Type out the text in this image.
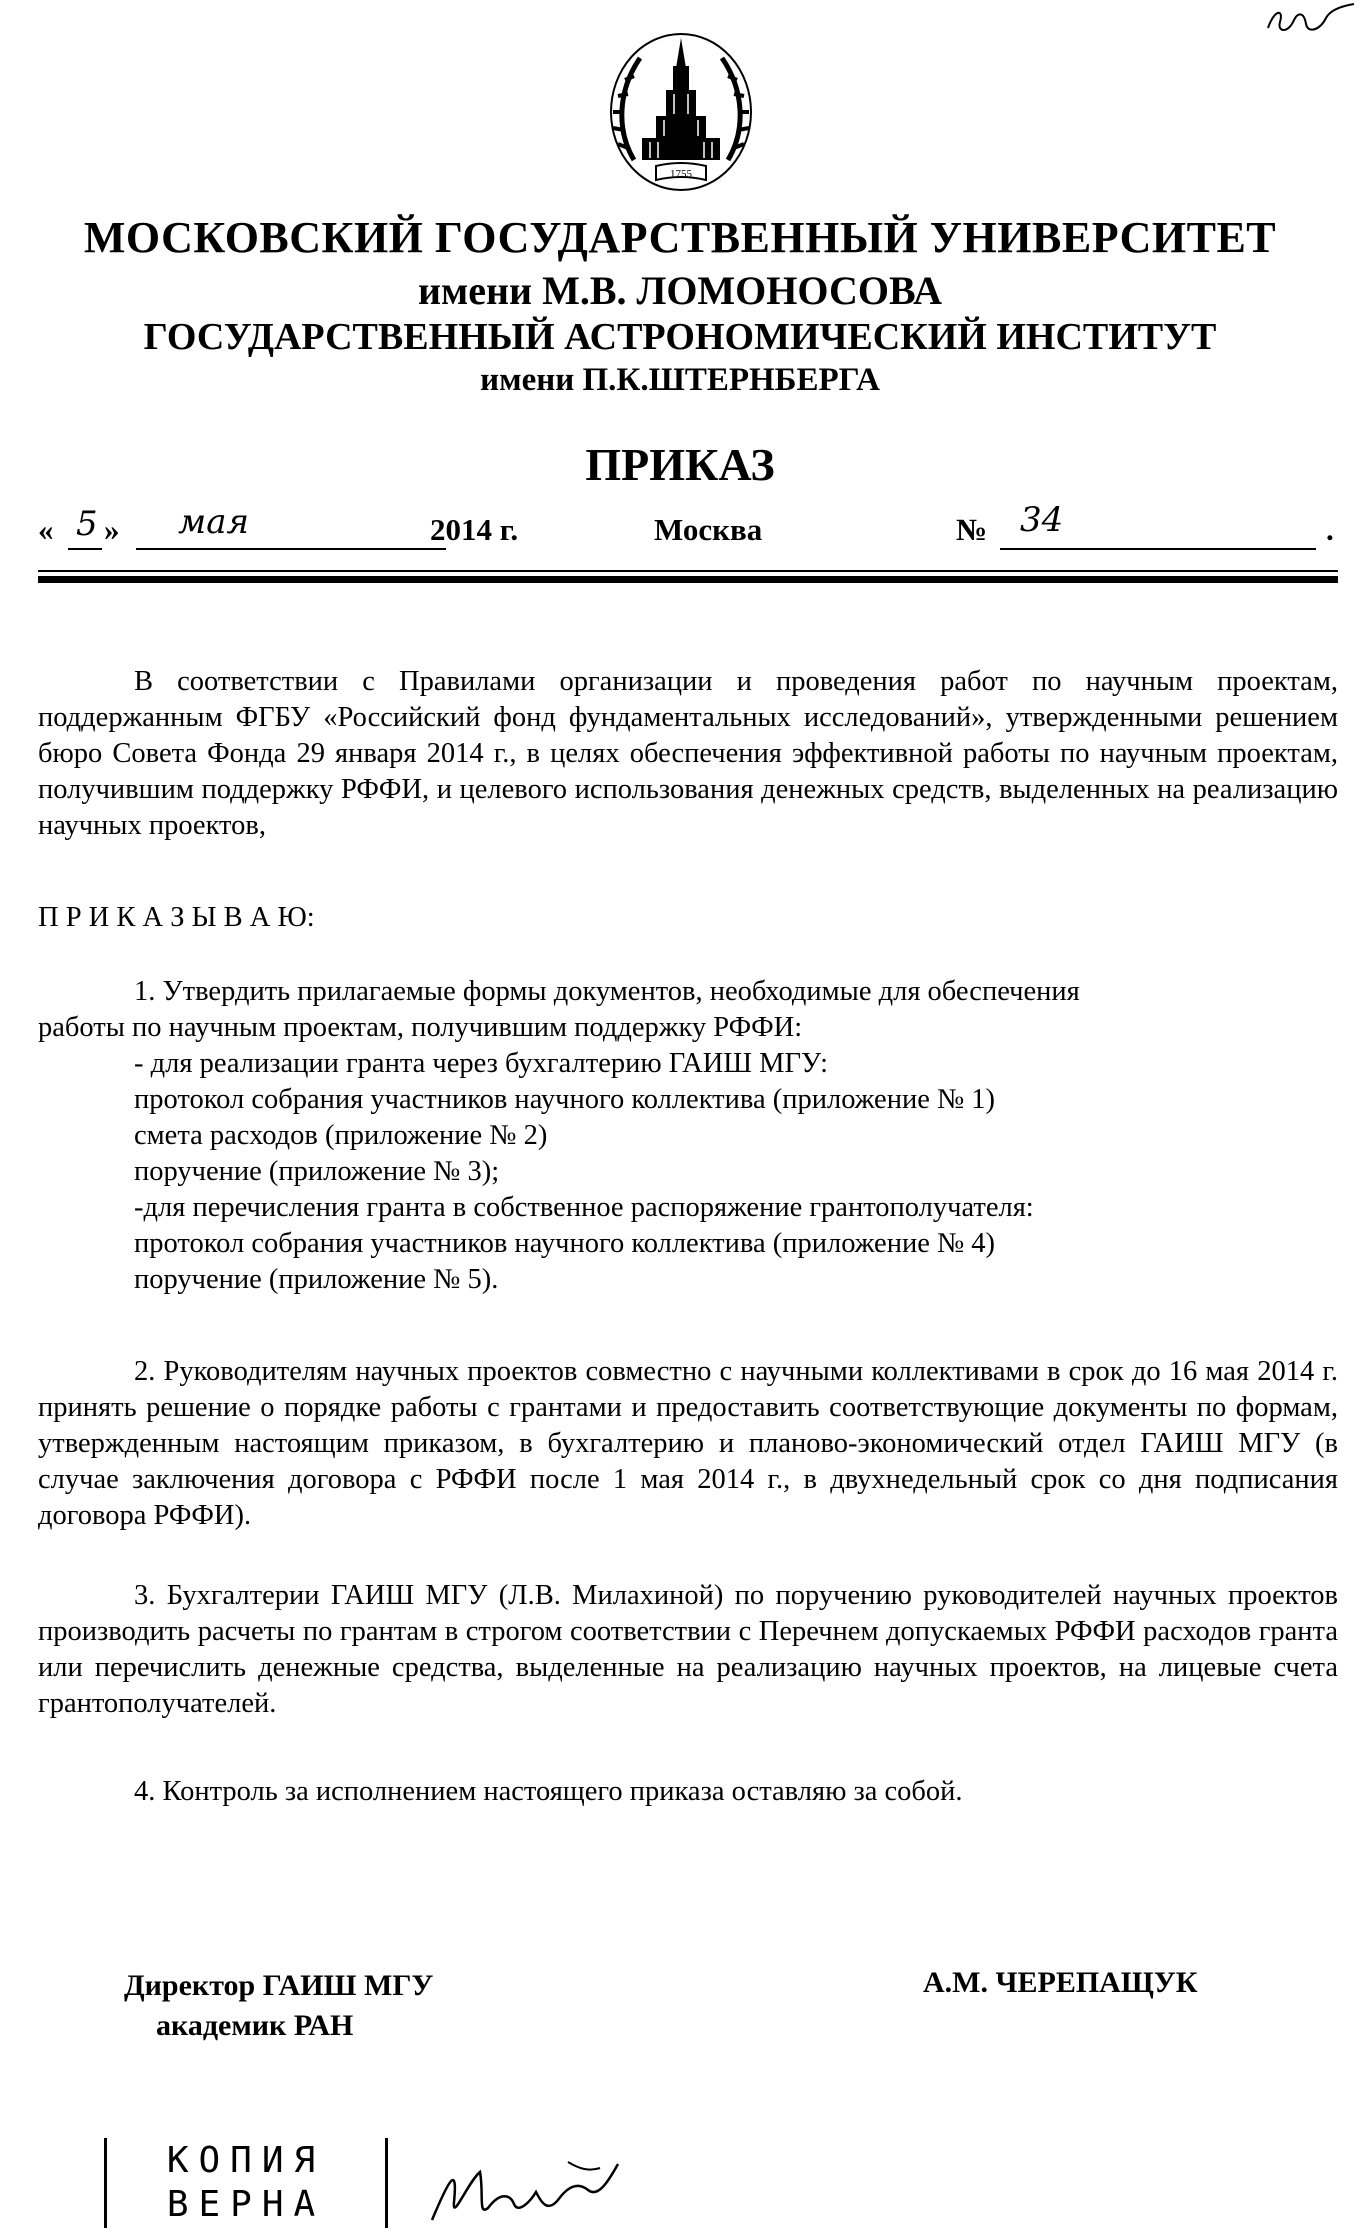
1755
МОСКОВСКИЙ ГОСУДАРСТВЕННЫЙ УНИВЕРСИТЕТ
имени М.В. ЛОМОНОСОВА
ГОСУДАРСТВЕННЫЙ АСТРОНОМИЧЕСКИЙ ИНСТИТУТ
имени П.К.ШТЕРНБЕРГА
ПРИКАЗ
« 5 » мая	2014 г.	Москва	№ 34	.
В соответствии с Правилами организации и проведения работ по научным проектам, поддержанным ФГБУ «Российский фонд фундаментальных исследований», утвержденными решением бюро Совета Фонда 29 января 2014 г., в целях обеспечения эффективной работы по научным проектам, получившим поддержку РФФИ, и целевого использования денежных средств, выделенных на реализацию научных проектов,
П Р И К А З Ы В А Ю:
1. Утвердить прилагаемые формы документов, необходимые для обеспечения
работы по научным проектам, получившим поддержку РФФИ:
- для реализации гранта через бухгалтерию ГАИШ МГУ:
протокол собрания участников научного коллектива (приложение № 1)
смета расходов (приложение № 2)
поручение (приложение № 3);
-для перечисления гранта в собственное распоряжение грантополучателя:
протокол собрания участников научного коллектива (приложение № 4)
поручение (приложение № 5).
2. Руководителям научных проектов совместно с научными коллективами в срок до 16 мая 2014 г. принять решение о порядке работы с грантами и предоставить соответствующие документы по формам, утвержденным настоящим приказом, в бухгалтерию и планово-экономический отдел ГАИШ МГУ (в случае заключения договора с РФФИ после 1 мая 2014 г., в двухнедельный срок со дня подписания договора РФФИ).
3. Бухгалтерии ГАИШ МГУ (Л.В. Милахиной) по поручению руководителей научных проектов производить расчеты по грантам в строгом соответствии с Перечнем допускаемых РФФИ расходов гранта или перечислить денежные средства, выделенные на реализацию научных проектов, на лицевые счета грантополучателей.
4. Контроль за исполнением настоящего приказа оставляю за собой.
Директор ГАИШ МГУ
академик РАН
А.М. ЧЕРЕПАЩУК
КОПИЯ
ВЕРНА
